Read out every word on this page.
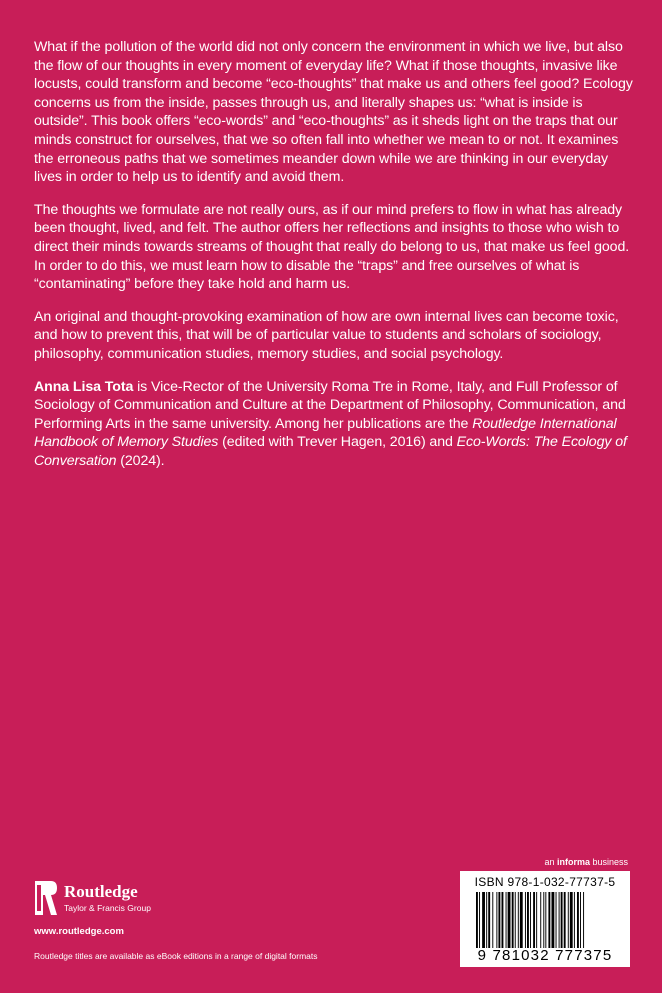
What if the pollution of the world did not only concern the environment in which we live, but also the flow of our thoughts in every moment of everyday life? What if those thoughts, invasive like locusts, could transform and become “eco-thoughts” that make us and others feel good? Ecology concerns us from the inside, passes through us, and literally shapes us: “what is inside is outside”. This book offers “eco-words” and “eco-thoughts” as it sheds light on the traps that our minds construct for ourselves, that we so often fall into whether we mean to or not. It examines the erroneous paths that we sometimes meander down while we are thinking in our everyday lives in order to help us to identify and avoid them.

The thoughts we formulate are not really ours, as if our mind prefers to flow in what has already been thought, lived, and felt. The author offers her reflections and insights to those who wish to direct their minds towards streams of thought that really do belong to us, that make us feel good. In order to do this, we must learn how to disable the “traps” and free ourselves of what is “contaminating” before they take hold and harm us.

An original and thought-provoking examination of how are own internal lives can become toxic, and how to prevent this, that will be of particular value to students and scholars of sociology, philosophy, communication studies, memory studies, and social psychology.

Anna Lisa Tota is Vice-Rector of the University Roma Tre in Rome, Italy, and Full Professor of Sociology of Communication and Culture at the Department of Philosophy, Communication, and Performing Arts in the same university. Among her publications are the Routledge International Handbook of Memory Studies (edited with Trever Hagen, 2016) and Eco-Words: The Ecology of Conversation (2024).

an informa business
Routledge
Taylor & Francis Group
www.routledge.com
Routledge titles are available as eBook editions in a range of digital formats
ISBN 978-1-032-77737-5
9 781032 777375
